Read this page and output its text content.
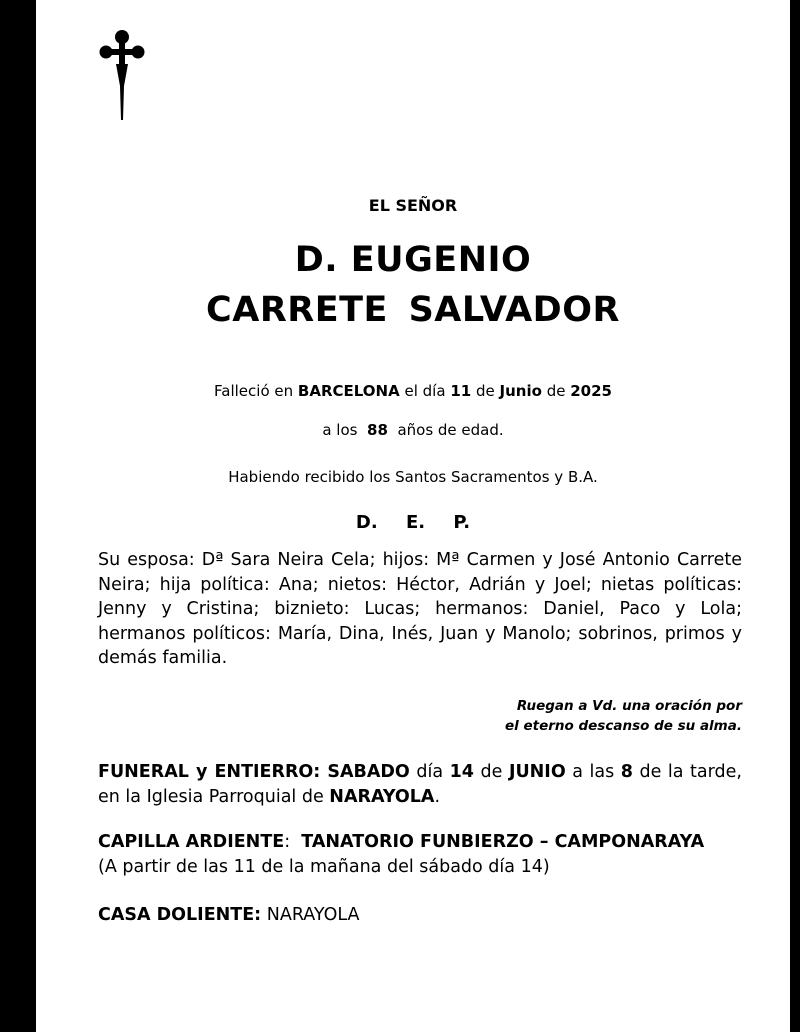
EL SEÑOR
D. EUGENIO
CARRETE SALVADOR
Falleció en BARCELONA el día 11 de Junio de 2025
a los 88 años de edad.
Habiendo recibido los Santos Sacramentos y B.A.
D. E. P.
Su esposa: Dª Sara Neira Cela; hijos: Mª Carmen y José Antonio Carrete Neira; hija política: Ana; nietos: Héctor, Adrián y Joel; nietas políticas: Jenny y Cristina; biznieto: Lucas; hermanos: Daniel, Paco y Lola; hermanos políticos: María, Dina, Inés, Juan y Manolo; sobrinos, primos y demás familia.
Ruegan a Vd. una oración por
el eterno descanso de su alma.
FUNERAL y ENTIERRO: SABADO día 14 de JUNIO a las 8 de la tarde, en la Iglesia Parroquial de NARAYOLA.
CAPILLA ARDIENTE: TANATORIO FUNBIERZO – CAMPONARAYA
(A partir de las 11 de la mañana del sábado día 14)
CASA DOLIENTE: NARAYOLA
